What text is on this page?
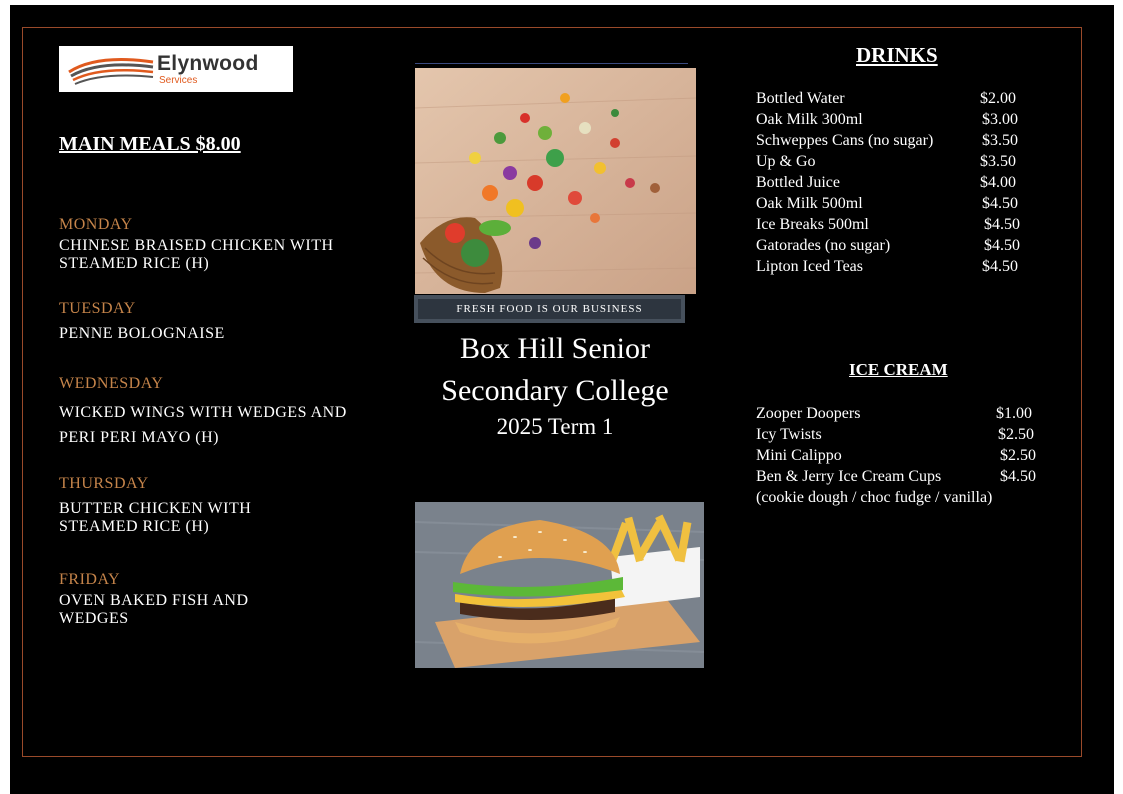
Elynwood
Services
MAIN MEALS $8.00
MONDAY
CHINESE BRAISED CHICKEN WITH STEAMED RICE (H)
TUESDAY
PENNE BOLOGNAISE
WEDNESDAY
WICKED WINGS WITH WEDGES AND PERI PERI MAYO (H)
THURSDAY
BUTTER CHICKEN WITH STEAMED RICE (H)
FRIDAY
OVEN BAKED FISH AND WEDGES
FRESH FOOD IS OUR BUSINESS
Box Hill Senior
Secondary College
2025 Term 1
DRINKS
Bottled Water	$2.00
Oak Milk 300ml	$3.00
Schweppes Cans (no sugar)	$3.50
Up & Go	$3.50
Bottled Juice	$4.00
Oak Milk 500ml	$4.50
Ice Breaks 500ml	$4.50
Gatorades (no sugar)	$4.50
Lipton Iced Teas	$4.50
ICE CREAM
Zooper Doopers	$1.00
Icy Twists	$2.50
Mini Calippo	$2.50
Ben & Jerry Ice Cream Cups	$4.50
(cookie dough / choc fudge / vanilla)
